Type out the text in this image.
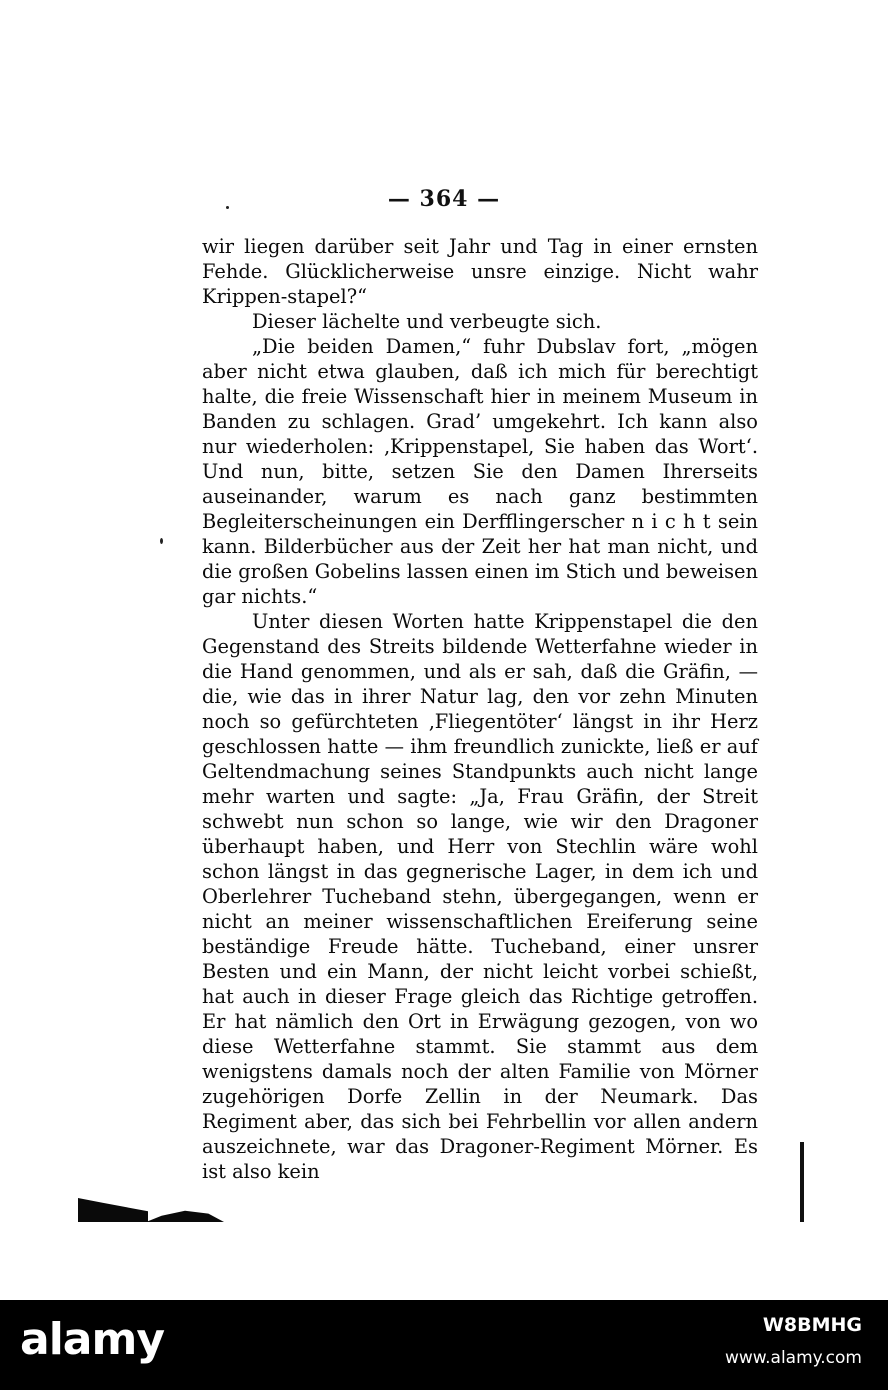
— 364 —

wir liegen darüber seit Jahr und Tag in einer ernsten Fehde. Glücklicherweise unsre einzige. Nicht wahr Krippen-stapel?“

Dieser lächelte und verbeugte sich.

„Die beiden Damen,“ fuhr Dubslav fort, „mögen aber nicht etwa glauben, daß ich mich für berechtigt halte, die freie Wissenschaft hier in meinem Museum in Banden zu schlagen. Grad’ umgekehrt. Ich kann also nur wiederholen: ‚Krippenstapel, Sie haben das Wort‘. Und nun, bitte, setzen Sie den Damen Ihrerseits auseinander, warum es nach ganz bestimmten Begleiterscheinungen ein Derfflingerscher n i c h t sein kann. Bilderbücher aus der Zeit her hat man nicht, und die großen Gobelins lassen einen im Stich und beweisen gar nichts.“

Unter diesen Worten hatte Krippenstapel die den Gegenstand des Streits bildende Wetterfahne wieder in die Hand genommen, und als er sah, daß die Gräfin, — die, wie das in ihrer Natur lag, den vor zehn Minuten noch so gefürchteten ‚Fliegentöter‘ längst in ihr Herz geschlossen hatte — ihm freundlich zunickte, ließ er auf Geltendmachung seines Standpunkts auch nicht lange mehr warten und sagte: „Ja, Frau Gräfin, der Streit schwebt nun schon so lange, wie wir den Dragoner überhaupt haben, und Herr von Stechlin wäre wohl schon längst in das gegnerische Lager, in dem ich und Oberlehrer Tucheband stehn, übergegangen, wenn er nicht an meiner wissenschaftlichen Ereiferung seine beständige Freude hätte. Tucheband, einer unsrer Besten und ein Mann, der nicht leicht vorbei schießt, hat auch in dieser Frage gleich das Richtige getroffen. Er hat nämlich den Ort in Erwägung gezogen, von wo diese Wetterfahne stammt. Sie stammt aus dem wenigstens damals noch der alten Familie von Mörner zugehörigen Dorfe Zellin in der Neumark. Das Regiment aber, das sich bei Fehrbellin vor allen andern auszeichnete, war das Dragoner-Regiment Mörner. Es ist also kein

alamy	W8BMHG
www.alamy.com
